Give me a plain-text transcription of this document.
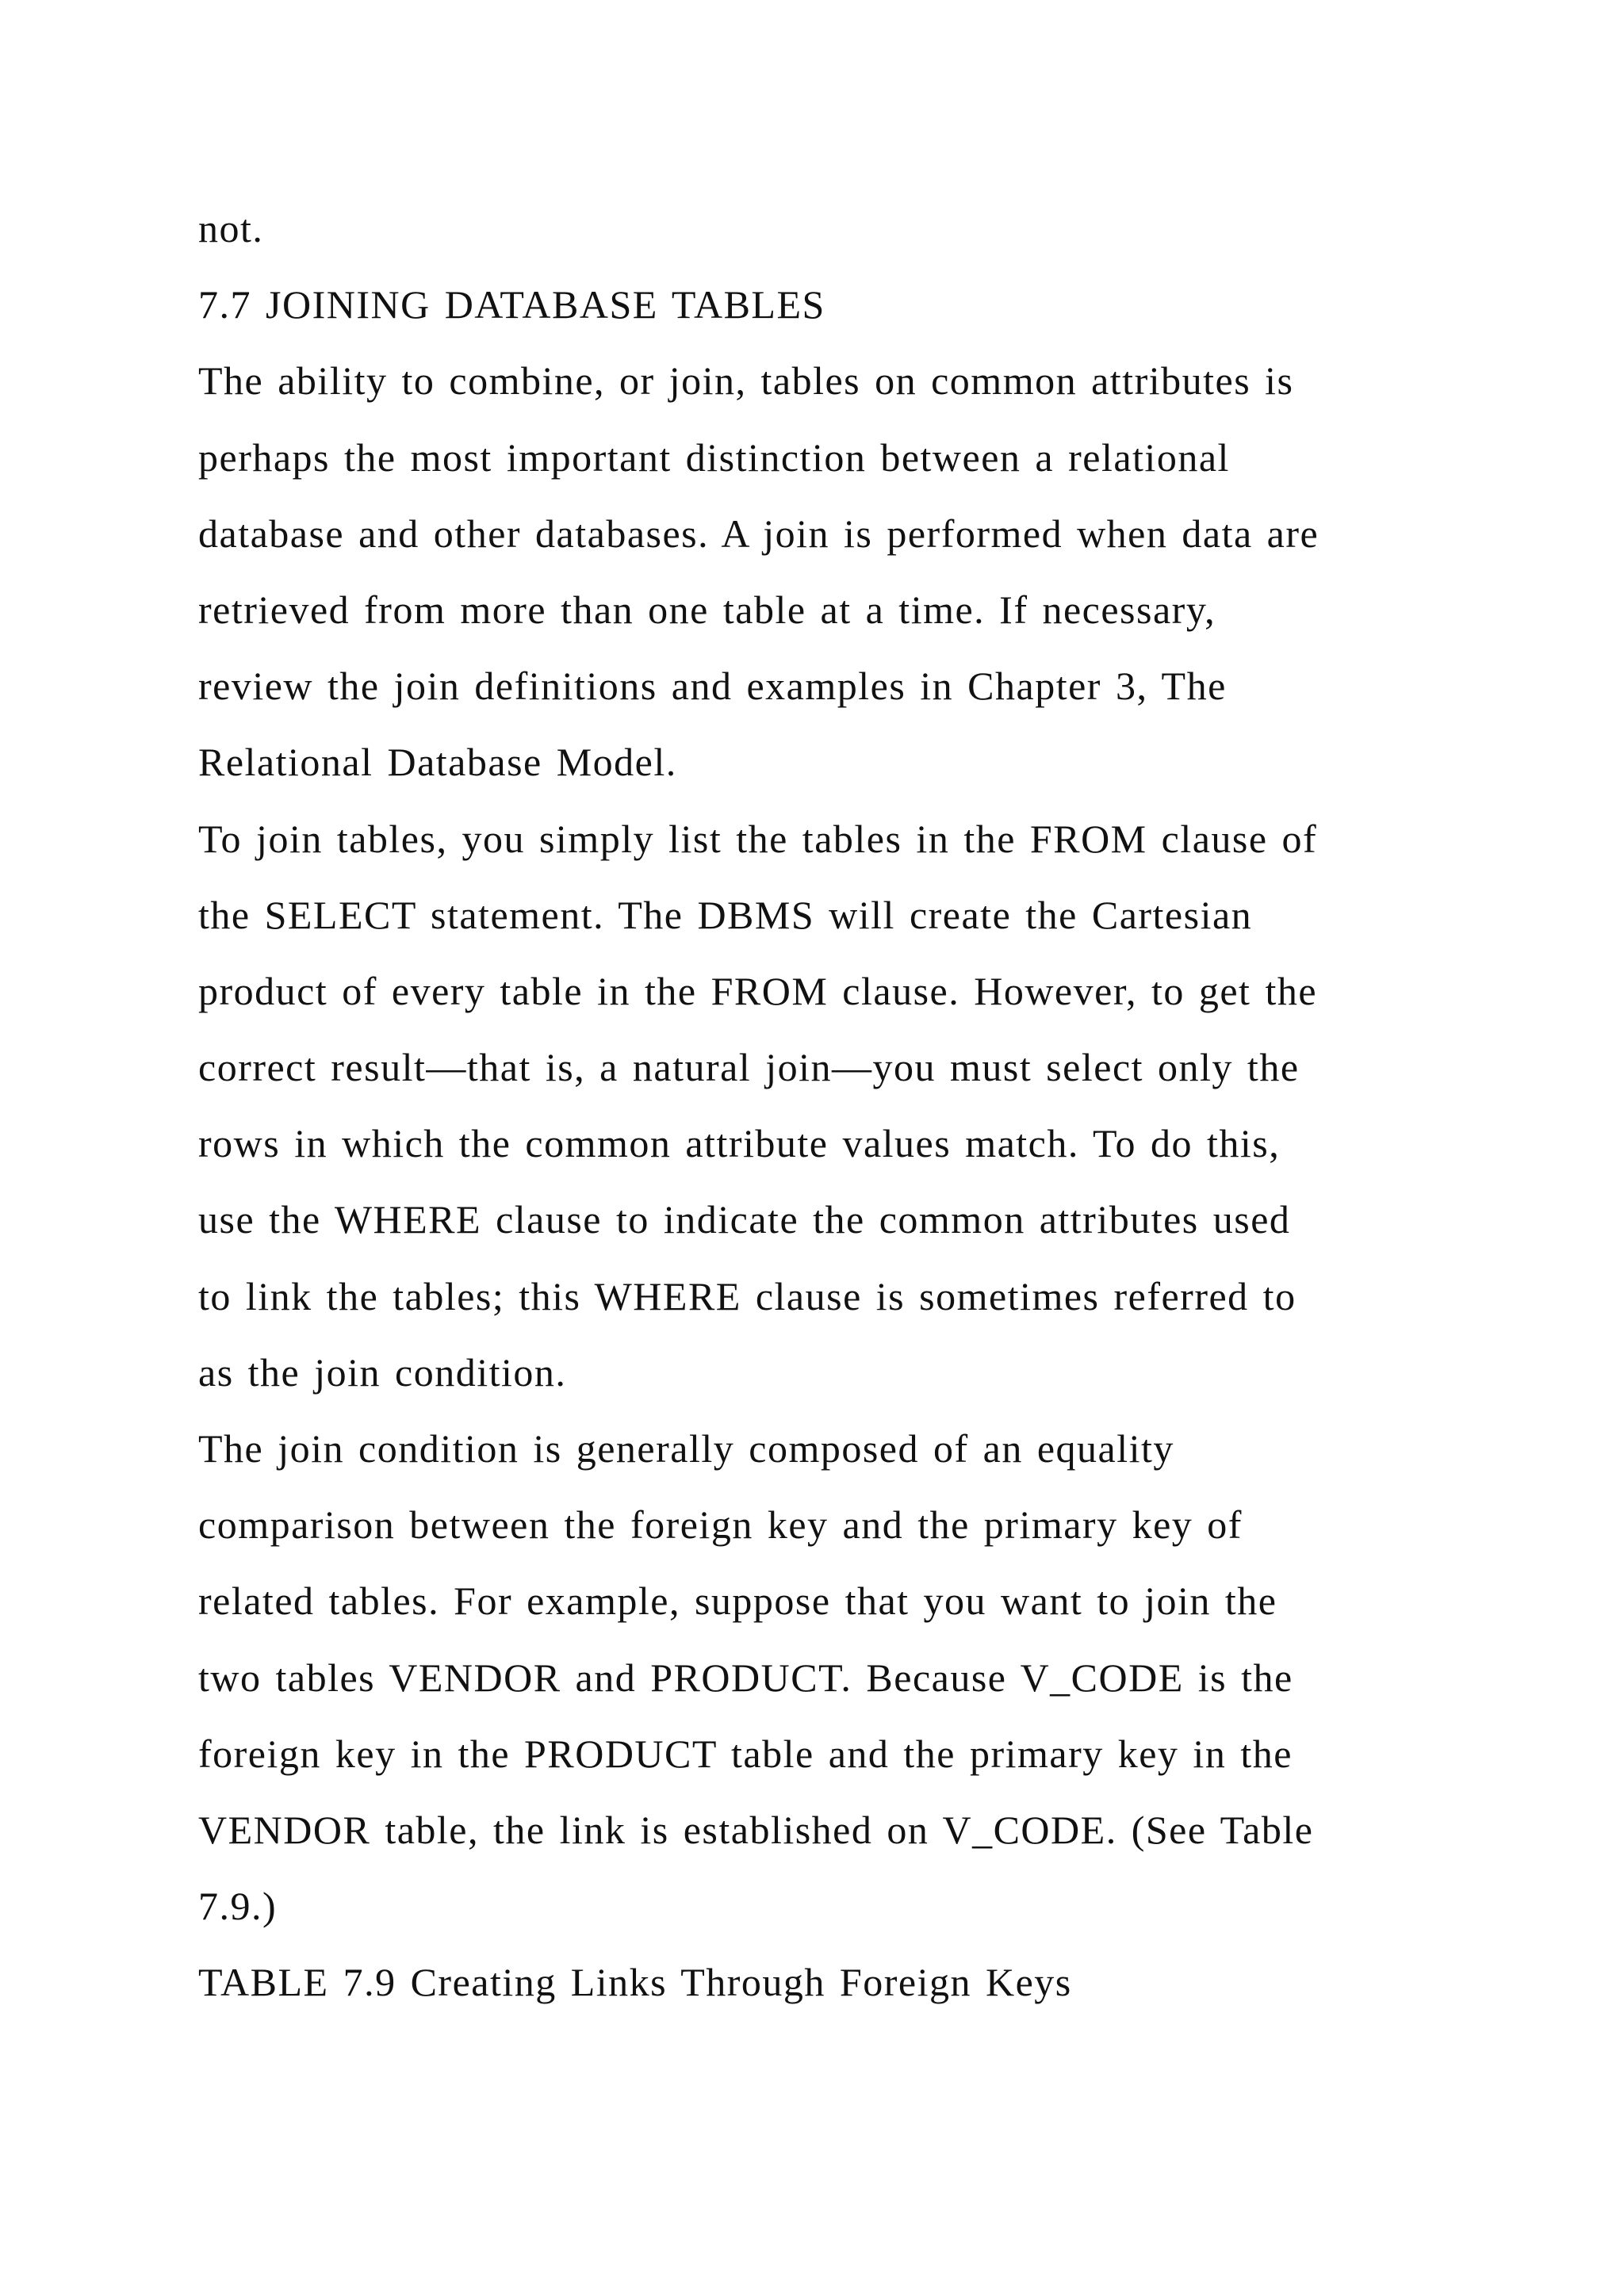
not.
7.7 JOINING DATABASE TABLES
The ability to combine, or join, tables on common attributes is
perhaps the most important distinction between a relational
database and other databases. A join is performed when data are
retrieved from more than one table at a time. If necessary,
review the join definitions and examples in Chapter 3, The
Relational Database Model.
To join tables, you simply list the tables in the FROM clause of
the SELECT statement. The DBMS will create the Cartesian
product of every table in the FROM clause. However, to get the
correct result—that is, a natural join—you must select only the
rows in which the common attribute values match. To do this,
use the WHERE clause to indicate the common attributes used
to link the tables; this WHERE clause is sometimes referred to
as the join condition.
The join condition is generally composed of an equality
comparison between the foreign key and the primary key of
related tables. For example, suppose that you want to join the
two tables VENDOR and PRODUCT. Because V_CODE is the
foreign key in the PRODUCT table and the primary key in the
VENDOR table, the link is established on V_CODE. (See Table
7.9.)
TABLE 7.9 Creating Links Through Foreign Keys
